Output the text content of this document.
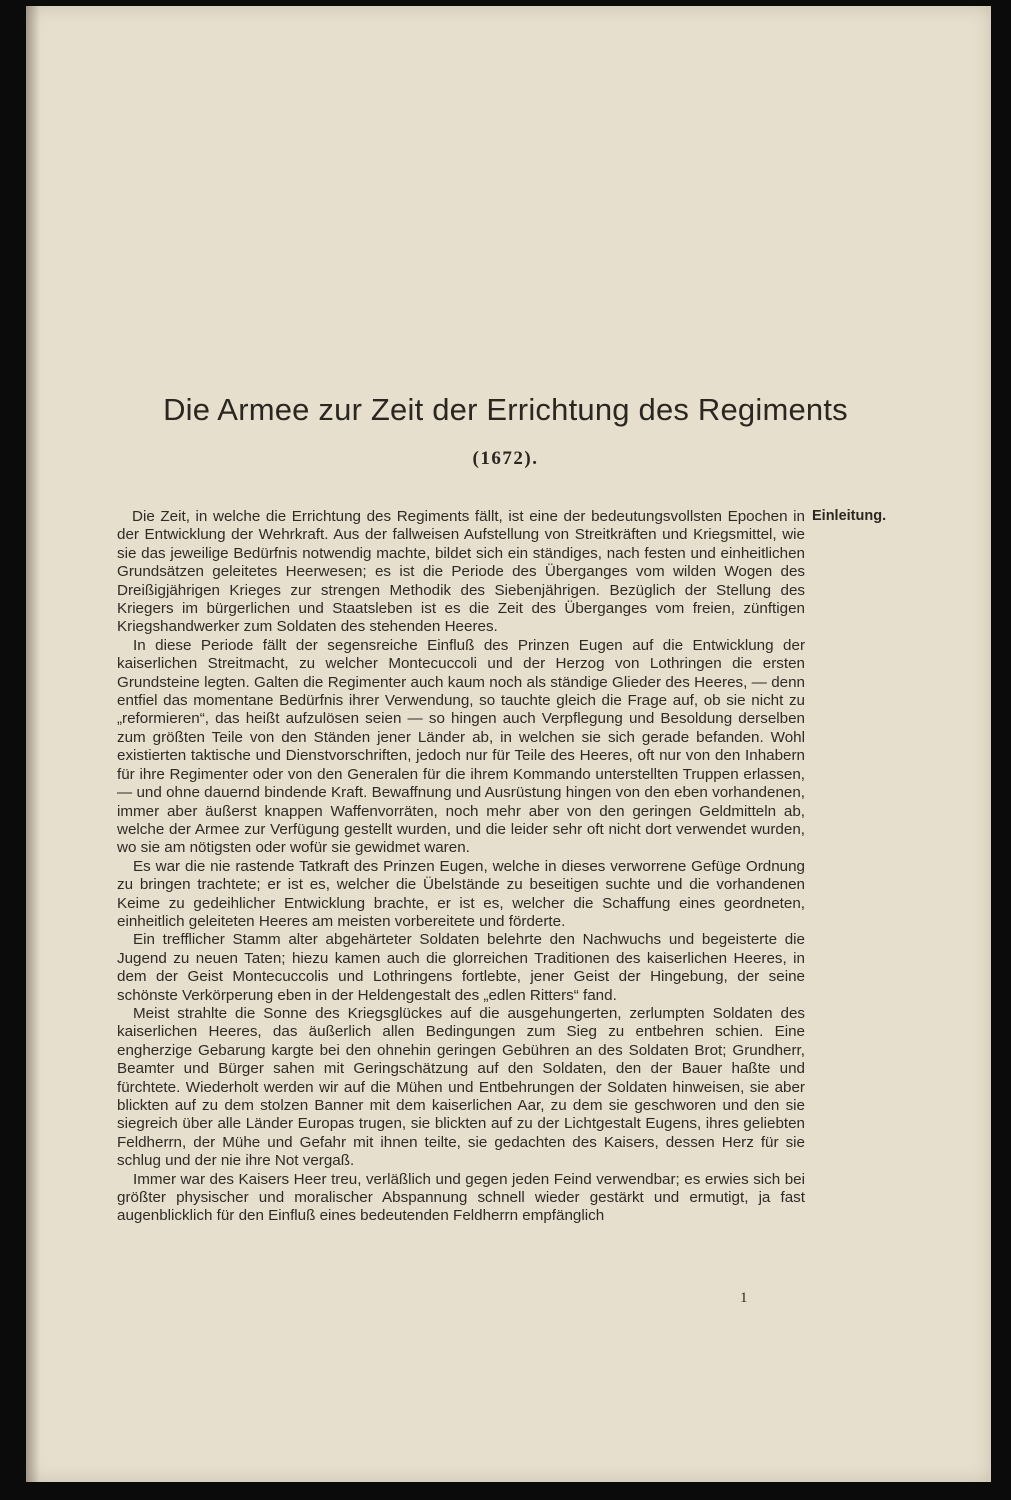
Die Armee zur Zeit der Errichtung des Regiments
(1672).
Einleitung.

Die Zeit, in welche die Errichtung des Regiments fällt, ist eine der bedeutungsvollsten Epochen in der Entwicklung der Wehrkraft. Aus der fallweisen Aufstellung von Streitkräften und Kriegsmittel, wie sie das jeweilige Bedürfnis notwendig machte, bildet sich ein ständiges, nach festen und einheitlichen Grundsätzen geleitetes Heerwesen; es ist die Periode des Überganges vom wilden Wogen des Dreißigjährigen Krieges zur strengen Methodik des Siebenjährigen. Bezüglich der Stellung des Kriegers im bürgerlichen und Staatsleben ist es die Zeit des Überganges vom freien, zünftigen Kriegshandwerker zum Soldaten des stehenden Heeres.

In diese Periode fällt der segensreiche Einfluß des Prinzen Eugen auf die Entwicklung der kaiserlichen Streitmacht, zu welcher Montecuccoli und der Herzog von Lothringen die ersten Grundsteine legten. Galten die Regimenter auch kaum noch als ständige Glieder des Heeres, — denn entfiel das momentane Bedürfnis ihrer Verwendung, so tauchte gleich die Frage auf, ob sie nicht zu „reformieren“, das heißt aufzulösen seien — so hingen auch Verpflegung und Besoldung derselben zum größten Teile von den Ständen jener Länder ab, in welchen sie sich gerade befanden. Wohl existierten taktische und Dienstvorschriften, jedoch nur für Teile des Heeres, oft nur von den Inhabern für ihre Regimenter oder von den Generalen für die ihrem Kommando unterstellten Truppen erlassen, — und ohne dauernd bindende Kraft. Bewaffnung und Ausrüstung hingen von den eben vorhandenen, immer aber äußerst knappen Waffenvorräten, noch mehr aber von den geringen Geldmitteln ab, welche der Armee zur Verfügung gestellt wurden, und die leider sehr oft nicht dort verwendet wurden, wo sie am nötigsten oder wofür sie gewidmet waren.

Es war die nie rastende Tatkraft des Prinzen Eugen, welche in dieses verworrene Gefüge Ordnung zu bringen trachtete; er ist es, welcher die Übelstände zu beseitigen suchte und die vorhandenen Keime zu gedeihlicher Entwicklung brachte, er ist es, welcher die Schaffung eines geordneten, einheitlich geleiteten Heeres am meisten vorbereitete und förderte.

Ein trefflicher Stamm alter abgehärteter Soldaten belehrte den Nachwuchs und begeisterte die Jugend zu neuen Taten; hiezu kamen auch die glorreichen Traditionen des kaiserlichen Heeres, in dem der Geist Montecuccolis und Lothringens fortlebte, jener Geist der Hingebung, der seine schönste Verkörperung eben in der Heldengestalt des „edlen Ritters“ fand.

Meist strahlte die Sonne des Kriegsglückes auf die ausgehungerten, zerlumpten Soldaten des kaiserlichen Heeres, das äußerlich allen Bedingungen zum Sieg zu entbehren schien. Eine engherzige Gebarung kargte bei den ohnehin geringen Gebühren an des Soldaten Brot; Grundherr, Beamter und Bürger sahen mit Geringschätzung auf den Soldaten, den der Bauer haßte und fürchtete. Wiederholt werden wir auf die Mühen und Entbehrungen der Soldaten hinweisen, sie aber blickten auf zu dem stolzen Banner mit dem kaiserlichen Aar, zu dem sie geschworen und den sie siegreich über alle Länder Europas trugen, sie blickten auf zu der Lichtgestalt Eugens, ihres geliebten Feldherrn, der Mühe und Gefahr mit ihnen teilte, sie gedachten des Kaisers, dessen Herz für sie schlug und der nie ihre Not vergaß.

Immer war des Kaisers Heer treu, verläßlich und gegen jeden Feind verwendbar; es erwies sich bei größter physischer und moralischer Abspannung schnell wieder gestärkt und ermutigt, ja fast augenblicklich für den Einfluß eines bedeutenden Feldherrn empfänglich

1
